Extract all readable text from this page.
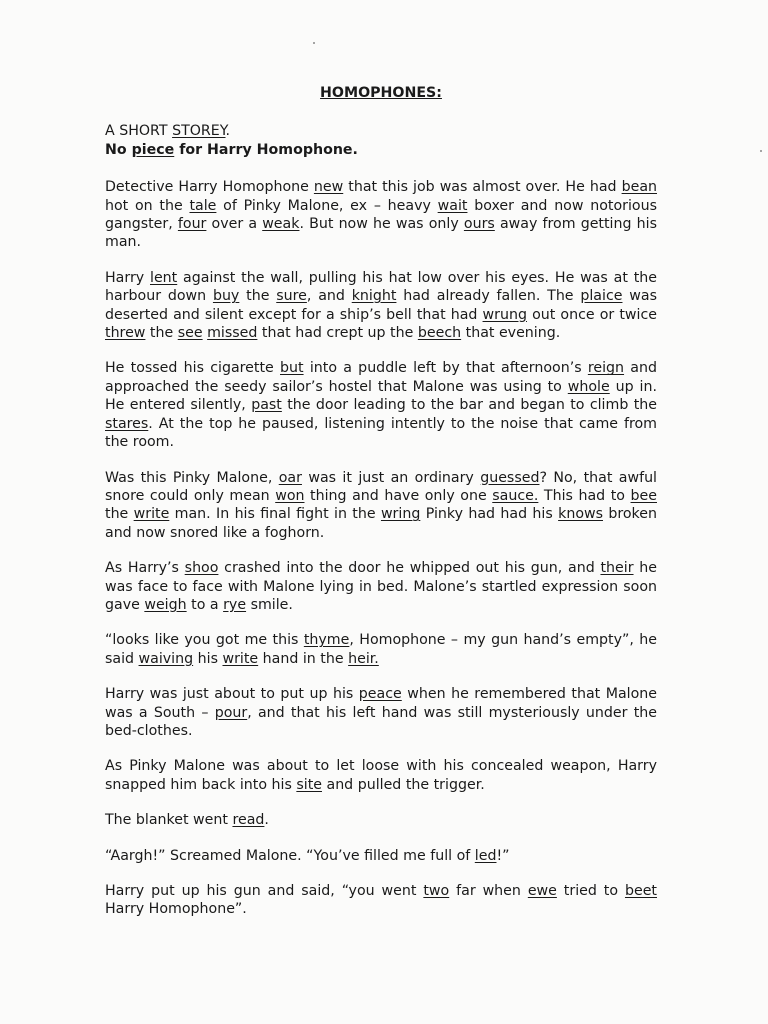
HOMOPHONES:

A SHORT STOREY.

No piece for Harry Homophone.

Detective Harry Homophone new that this job was almost over. He had bean hot on the tale of Pinky Malone, ex – heavy wait boxer and now notorious gangster, four over a weak. But now he was only ours away from getting his man.

Harry lent against the wall, pulling his hat low over his eyes. He was at the harbour down buy the sure, and knight had already fallen. The plaice was deserted and silent except for a ship’s bell that had wrung out once or twice threw the see missed that had crept up the beech that evening.

He tossed his cigarette but into a puddle left by that afternoon’s reign and approached the seedy sailor’s hostel that Malone was using to whole up in. He entered silently, past the door leading to the bar and began to climb the stares. At the top he paused, listening intently to the noise that came from the room.

Was this Pinky Malone, oar was it just an ordinary guessed? No, that awful snore could only mean won thing and have only one sauce. This had to bee the write man. In his final fight in the wring Pinky had had his knows broken and now snored like a foghorn.

As Harry’s shoo crashed into the door he whipped out his gun, and their he was face to face with Malone lying in bed. Malone’s startled expression soon gave weigh to a rye smile.

“looks like you got me this thyme, Homophone – my gun hand’s empty”, he said waiving his write hand in the heir.

Harry was just about to put up his peace when he remembered that Malone was a South – pour, and that his left hand was still mysteriously under the bed-clothes.

As Pinky Malone was about to let loose with his concealed weapon, Harry snapped him back into his site and pulled the trigger.

The blanket went read.

“Aargh!” Screamed Malone. “You’ve filled me full of led!”

Harry put up his gun and said, “you went two far when ewe tried to beet Harry Homophone”.
